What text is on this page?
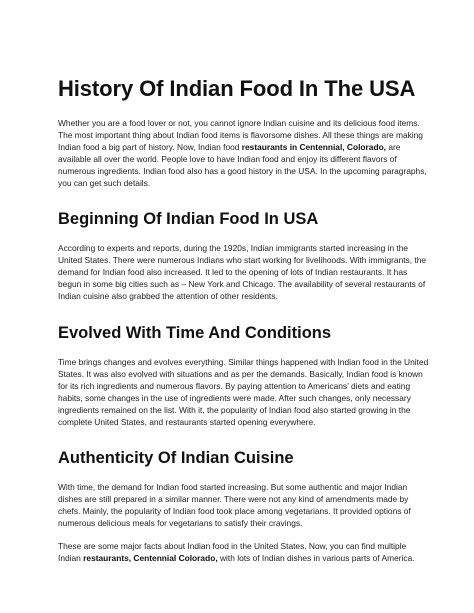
History Of Indian Food In The USA

Whether you are a food lover or not, you cannot ignore Indian cuisine and its delicious food items. The most important thing about Indian food items is flavorsome dishes. All these things are making Indian food a big part of history. Now, Indian food restaurants in Centennial, Colorado, are available all over the world. People love to have Indian food and enjoy its different flavors of numerous ingredients. Indian food also has a good history in the USA. In the upcoming paragraphs, you can get such details.

Beginning Of Indian Food In USA

According to experts and reports, during the 1920s, Indian immigrants started increasing in the United States. There were numerous Indians who start working for livelihoods. With immigrants, the demand for Indian food also increased. It led to the opening of lots of Indian restaurants. It has begun in some big cities such as – New York and Chicago. The availability of several restaurants of Indian cuisine also grabbed the attention of other residents.

Evolved With Time And Conditions

Time brings changes and evolves everything. Similar things happened with Indian food in the United States. It was also evolved with situations and as per the demands. Basically, Indian food is known for its rich ingredients and numerous flavors. By paying attention to Americans’ diets and eating habits, some changes in the use of ingredients were made. After such changes, only necessary ingredients remained on the list. With it, the popularity of Indian food also started growing in the complete United States, and restaurants started opening everywhere.

Authenticity Of Indian Cuisine

With time, the demand for Indian food started increasing. But some authentic and major Indian dishes are still prepared in a similar manner. There were not any kind of amendments made by chefs. Mainly, the popularity of Indian food took place among vegetarians. It provided options of numerous delicious meals for vegetarians to satisfy their cravings.

These are some major facts about Indian food in the United States. Now, you can find multiple Indian restaurants, Centennial Colorado, with lots of Indian dishes in various parts of America.
